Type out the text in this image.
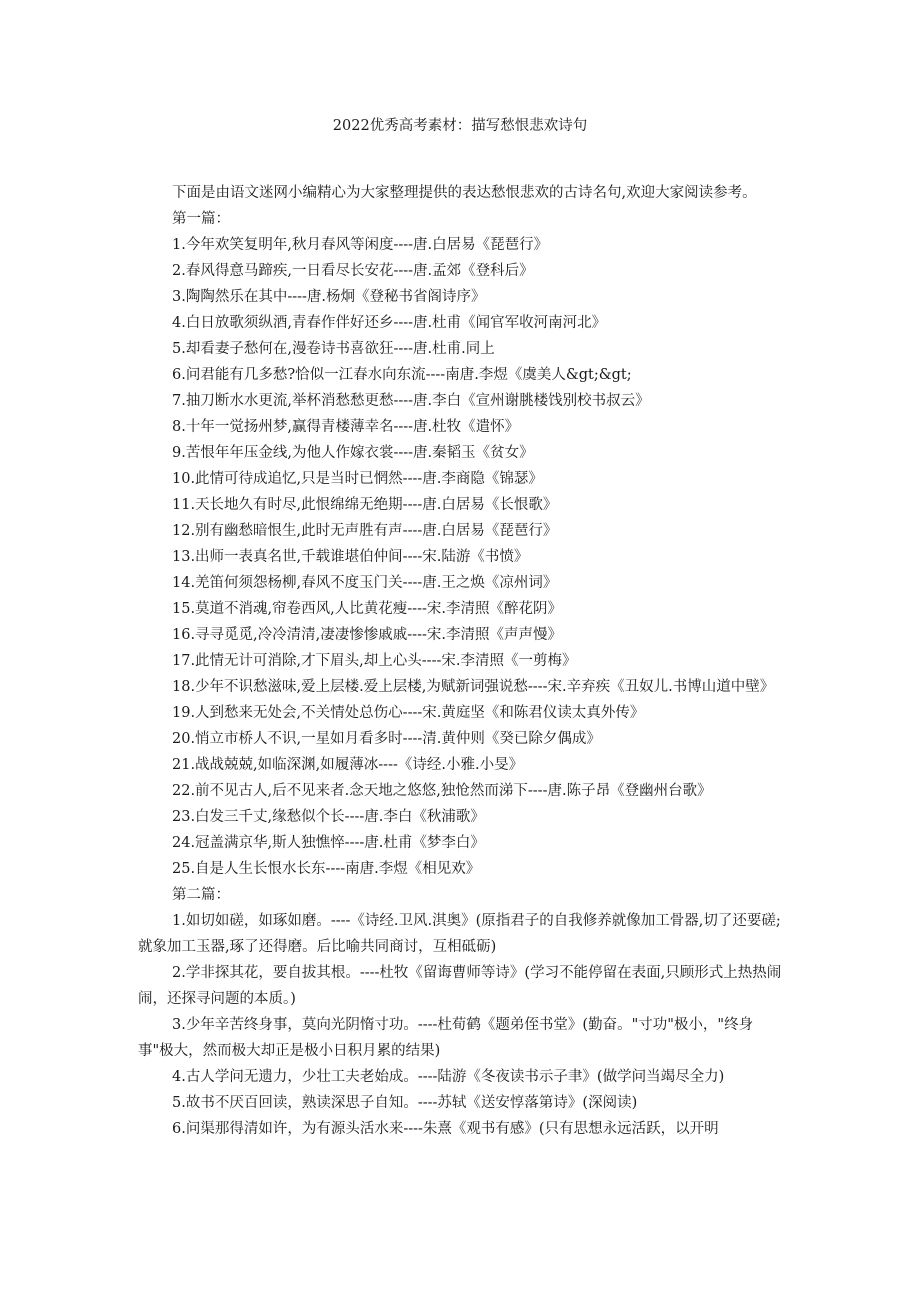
2022优秀高考素材：描写愁恨悲欢诗句

下面是由语文迷网小编精心为大家整理提供的表达愁恨悲欢的古诗名句,欢迎大家阅读参考。

第一篇：

1.今年欢笑复明年,秋月春风等闲度----唐.白居易《琵琶行》

2.春风得意马蹄疾,一日看尽长安花----唐.孟郊《登科后》

3.陶陶然乐在其中----唐.杨炯《登秘书省阁诗序》

4.白日放歌须纵酒,青春作伴好还乡----唐.杜甫《闻官军收河南河北》

5.却看妻子愁何在,漫卷诗书喜欲狂----唐.杜甫.同上

6.问君能有几多愁?恰似一江春水向东流----南唐.李煜《虞美人&gt;&gt;

7.抽刀断水水更流,举杯消愁愁更愁----唐.李白《宣州谢朓楼饯别校书叔云》

8.十年一觉扬州梦,赢得青楼薄幸名----唐.杜牧《遣怀》

9.苦恨年年压金线,为他人作嫁衣裳----唐.秦韬玉《贫女》

10.此情可待成追忆,只是当时已惘然----唐.李商隐《锦瑟》

11.天长地久有时尽,此恨绵绵无绝期----唐.白居易《长恨歌》

12.别有幽愁暗恨生,此时无声胜有声----唐.白居易《琵琶行》

13.出师一表真名世,千载谁堪伯仲间----宋.陆游《书愤》

14.羌笛何须怨杨柳,春风不度玉门关----唐.王之焕《凉州词》

15.莫道不消魂,帘卷西风,人比黄花瘦----宋.李清照《醉花阴》

16.寻寻觅觅,冷冷清清,凄凄惨惨戚戚----宋.李清照《声声慢》

17.此情无计可消除,才下眉头,却上心头----宋.李清照《一剪梅》

18.少年不识愁滋味,爱上层楼.爱上层楼,为赋新词强说愁----宋.辛弃疾《丑奴儿.书博山道中壁》

19.人到愁来无处会,不关情处总伤心----宋.黄庭坚《和陈君仪读太真外传》

20.悄立市桥人不识,一星如月看多时----清.黄仲则《癸已除夕偶成》

21.战战兢兢,如临深渊,如履薄冰----《诗经.小雅.小旻》

22.前不见古人,后不见来者.念天地之悠悠,独怆然而涕下----唐.陈子昂《登幽州台歌》

23.白发三千丈,缘愁似个长----唐.李白《秋浦歌》

24.冠盖满京华,斯人独憔悴----唐.杜甫《梦李白》

25.自是人生长恨水长东----南唐.李煜《相见欢》

第二篇：

1.如切如磋，如琢如磨。----《诗经.卫风.淇奥》(原指君子的自我修养就像加工骨器,切了还要磋;就象加工玉器,琢了还得磨。后比喻共同商讨，互相砥砺)

2.学非探其花，要自拔其根。----杜牧《留诲曹师等诗》(学习不能停留在表面,只顾形式上热热闹闹，还探寻问题的本质。)

3.少年辛苦终身事，莫向光阴惰寸功。----杜荀鹤《题弟侄书堂》(勤奋。"寸功"极小，"终身事"极大，然而极大却正是极小日积月累的结果)

4.古人学问无遗力，少壮工夫老始成。----陆游《冬夜读书示子聿》(做学问当竭尽全力)

5.故书不厌百回读，熟读深思子自知。----苏轼《送安惇落第诗》(深阅读)

6.问渠那得清如许，为有源头活水来----朱熹《观书有感》(只有思想永远活跃，以开明
